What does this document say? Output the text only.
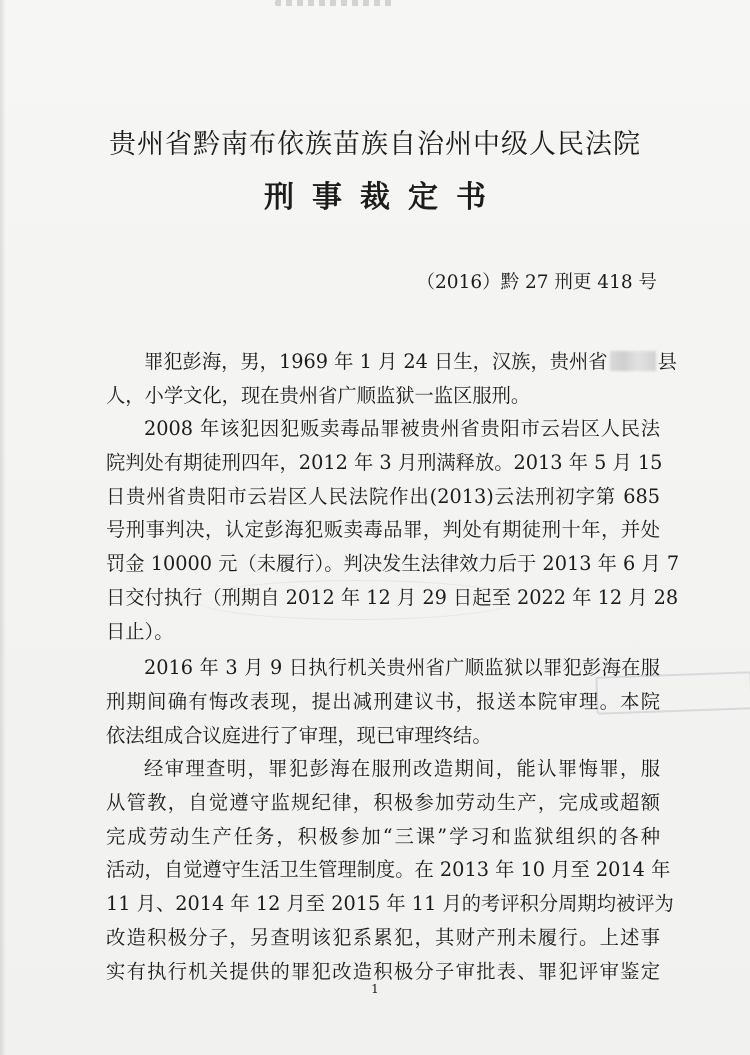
贵州省黔南布依族苗族自治州中级人民法院
刑事裁定书
（2016）黔 27 刑更 418 号
罪犯彭海，男，1969 年 1 月 24 日生，汉族，贵州省	县
人，小学文化，现在贵州省广顺监狱一监区服刑。
2008 年该犯因犯贩卖毒品罪被贵州省贵阳市云岩区人民法
院判处有期徒刑四年，2012 年 3 月刑满释放。2013 年 5 月 15
日贵州省贵阳市云岩区人民法院作出(2013)云法刑初字第 685
号刑事判决，认定彭海犯贩卖毒品罪，判处有期徒刑十年，并处
罚金 10000 元（未履行）。判决发生法律效力后于 2013 年 6 月 7
日交付执行（刑期自 2012 年 12 月 29 日起至 2022 年 12 月 28
日止）。
2016 年 3 月 9 日执行机关贵州省广顺监狱以罪犯彭海在服
刑期间确有悔改表现，提出减刑建议书，报送本院审理。本院
依法组成合议庭进行了审理，现已审理终结。
经审理查明，罪犯彭海在服刑改造期间，能认罪悔罪，服
从管教，自觉遵守监规纪律，积极参加劳动生产，完成或超额
完成劳动生产任务，积极参加“三课”学习和监狱组织的各种
活动，自觉遵守生活卫生管理制度。在 2013 年 10 月至 2014 年
11 月、2014 年 12 月至 2015 年 11 月的考评积分周期均被评为
改造积极分子，另查明该犯系累犯，其财产刑未履行。上述事
实有执行机关提供的罪犯改造积极分子审批表、罪犯评审鉴定
1
